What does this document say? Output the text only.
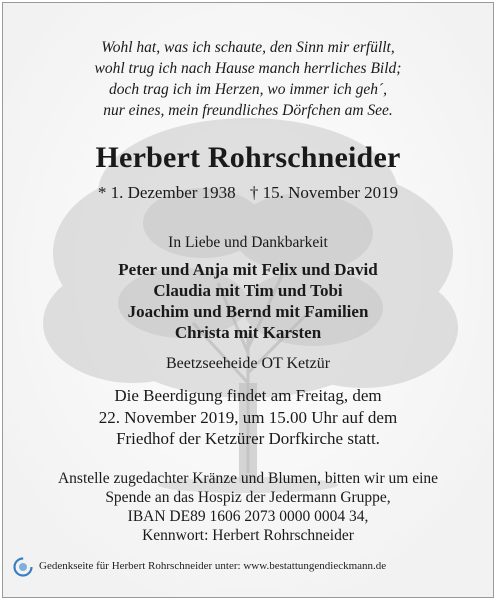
Wohl hat, was ich schaute, den Sinn mir erfüllt,
wohl trug ich nach Hause manch herrliches Bild;
doch trag ich im Herzen, wo immer ich geh´,
nur eines, mein freundliches Dörfchen am See.
Herbert Rohrschneider
* 1. Dezember 1938 † 15. November 2019
In Liebe und Dankbarkeit
Peter und Anja mit Felix und David
Claudia mit Tim und Tobi
Joachim und Bernd mit Familien
Christa mit Karsten
Beetzseeheide OT Ketzür
Die Beerdigung findet am Freitag, dem
22. November 2019, um 15.00 Uhr auf dem
Friedhof der Ketzürer Dorfkirche statt.
Anstelle zugedachter Kränze und Blumen, bitten wir um eine
Spende an das Hospiz der Jedermann Gruppe,
IBAN DE89 1606 2073 0000 0004 34,
Kennwort: Herbert Rohrschneider
Gedenkseite für Herbert Rohrschneider unter: www.bestattungendieckmann.de
